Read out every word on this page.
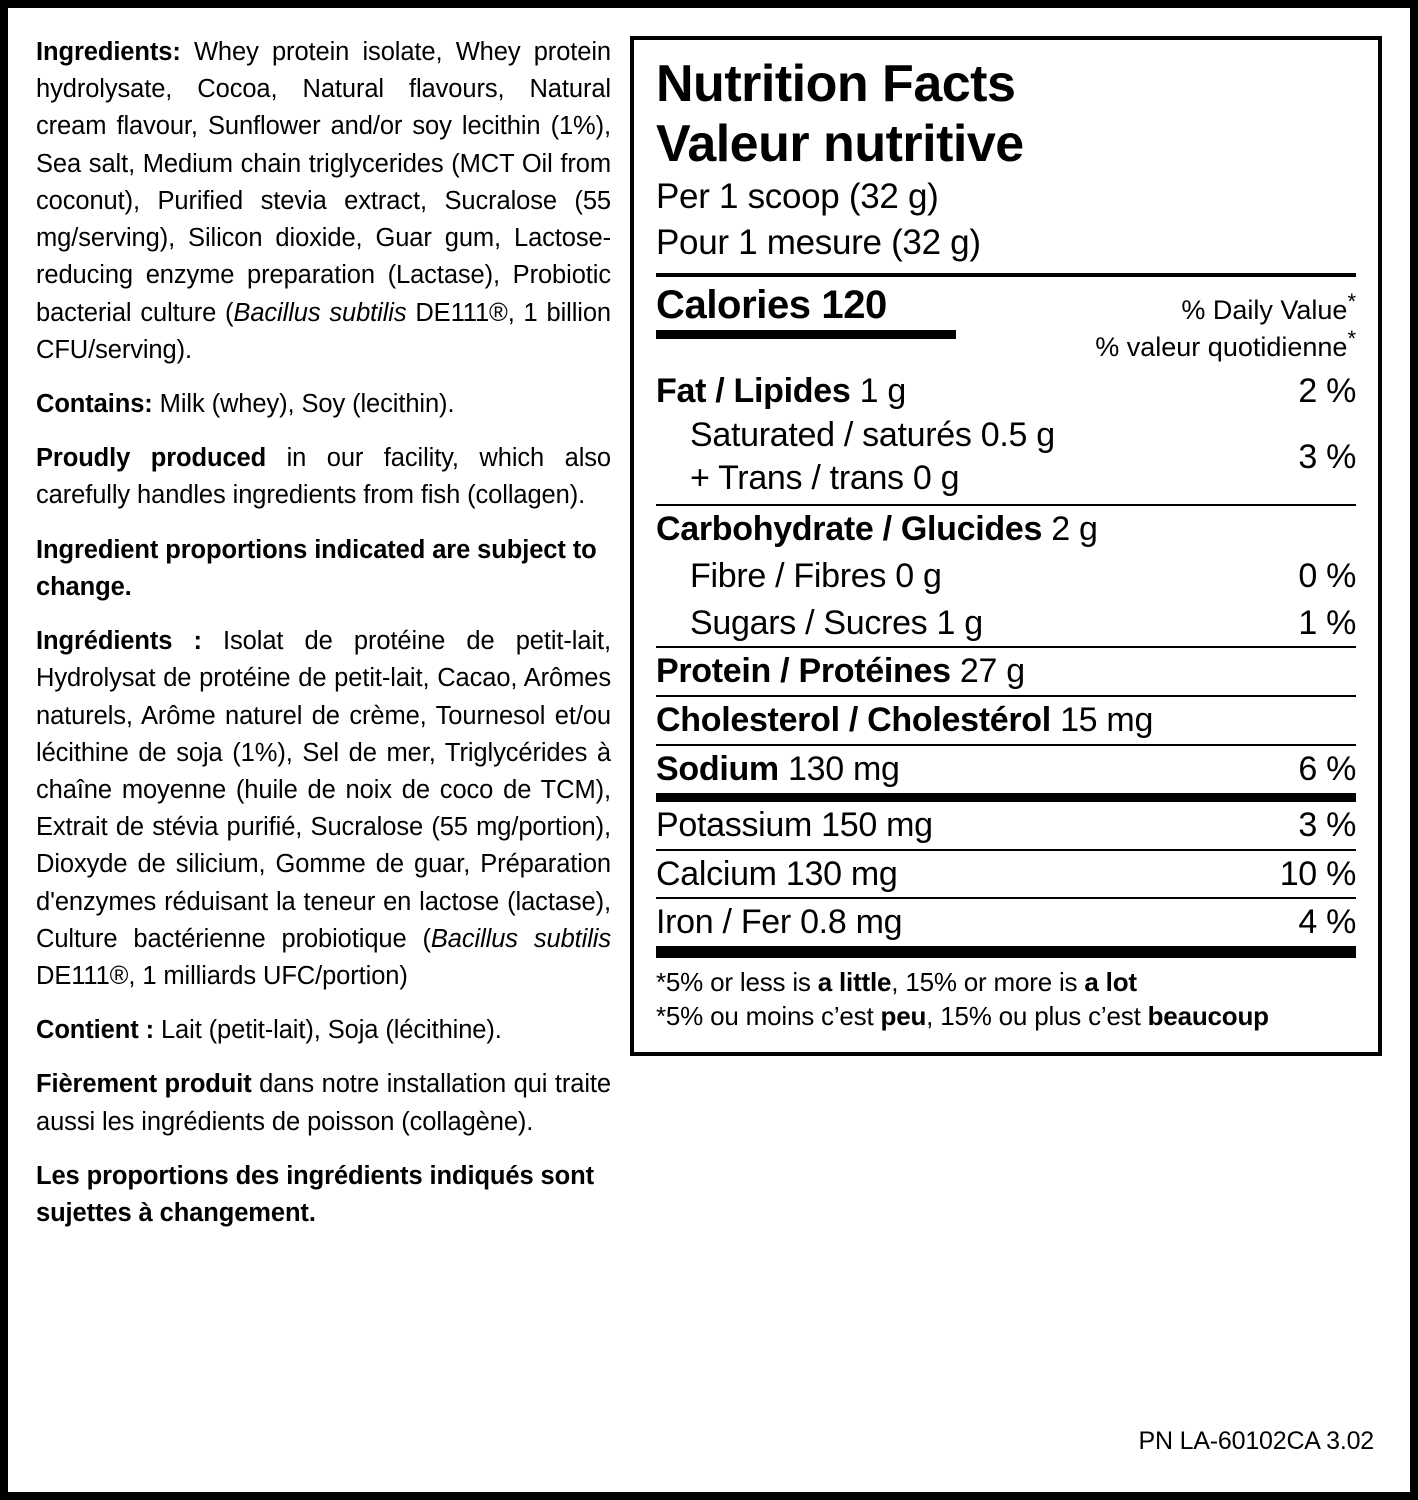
Ingredients: Whey protein isolate, Whey protein hydrolysate, Cocoa, Natural flavours, Natural cream flavour, Sunflower and/or soy lecithin (1%), Sea salt, Medium chain triglycerides (MCT Oil from coconut), Purified stevia extract, Sucralose (55 mg/serving), Silicon dioxide, Guar gum, Lactose-reducing enzyme preparation (Lactase), Probiotic bacterial culture (Bacillus subtilis DE111®, 1 billion CFU/serving).

Contains: Milk (whey), Soy (lecithin).

Proudly produced in our facility, which also carefully handles ingredients from fish (collagen).

Ingredient proportions indicated are subject to change.

Ingrédients : Isolat de protéine de petit-lait, Hydrolysat de protéine de petit-lait, Cacao, Arômes naturels, Arôme naturel de crème, Tournesol et/ou lécithine de soja (1%), Sel de mer, Triglycérides à chaîne moyenne (huile de noix de coco de TCM), Extrait de stévia purifié, Sucralose (55 mg/portion), Dioxyde de silicium, Gomme de guar, Préparation d'enzymes réduisant la teneur en lactose (lactase), Culture bactérienne probiotique (Bacillus subtilis DE111®, 1 milliards UFC/portion)

Contient : Lait (petit-lait), Soja (lécithine).

Fièrement produit dans notre installation qui traite aussi les ingrédients de poisson (collagène).

Les proportions des ingrédients indiqués sont sujettes à changement.

Nutrition Facts
Valeur nutritive
Per 1 scoop (32 g)
Pour 1 mesure (32 g)
Calories 120	% Daily Value*
% valeur quotidienne*
Fat / Lipides 1 g	2 %
Saturated / saturés 0.5 g
+ Trans / trans 0 g
3 %
Carbohydrate / Glucides 2 g
Fibre / Fibres 0 g	0 %
Sugars / Sucres 1 g	1 %
Protein / Protéines 27 g
Cholesterol / Cholestérol 15 mg
Sodium 130 mg	6 %
Potassium 150 mg	3 %
Calcium 130 mg	10 %
Iron / Fer 0.8 mg	4 %
*5% or less is a little, 15% or more is a lot
*5% ou moins c’est peu, 15% ou plus c’est beaucoup
PN LA-60102CA 3.02
